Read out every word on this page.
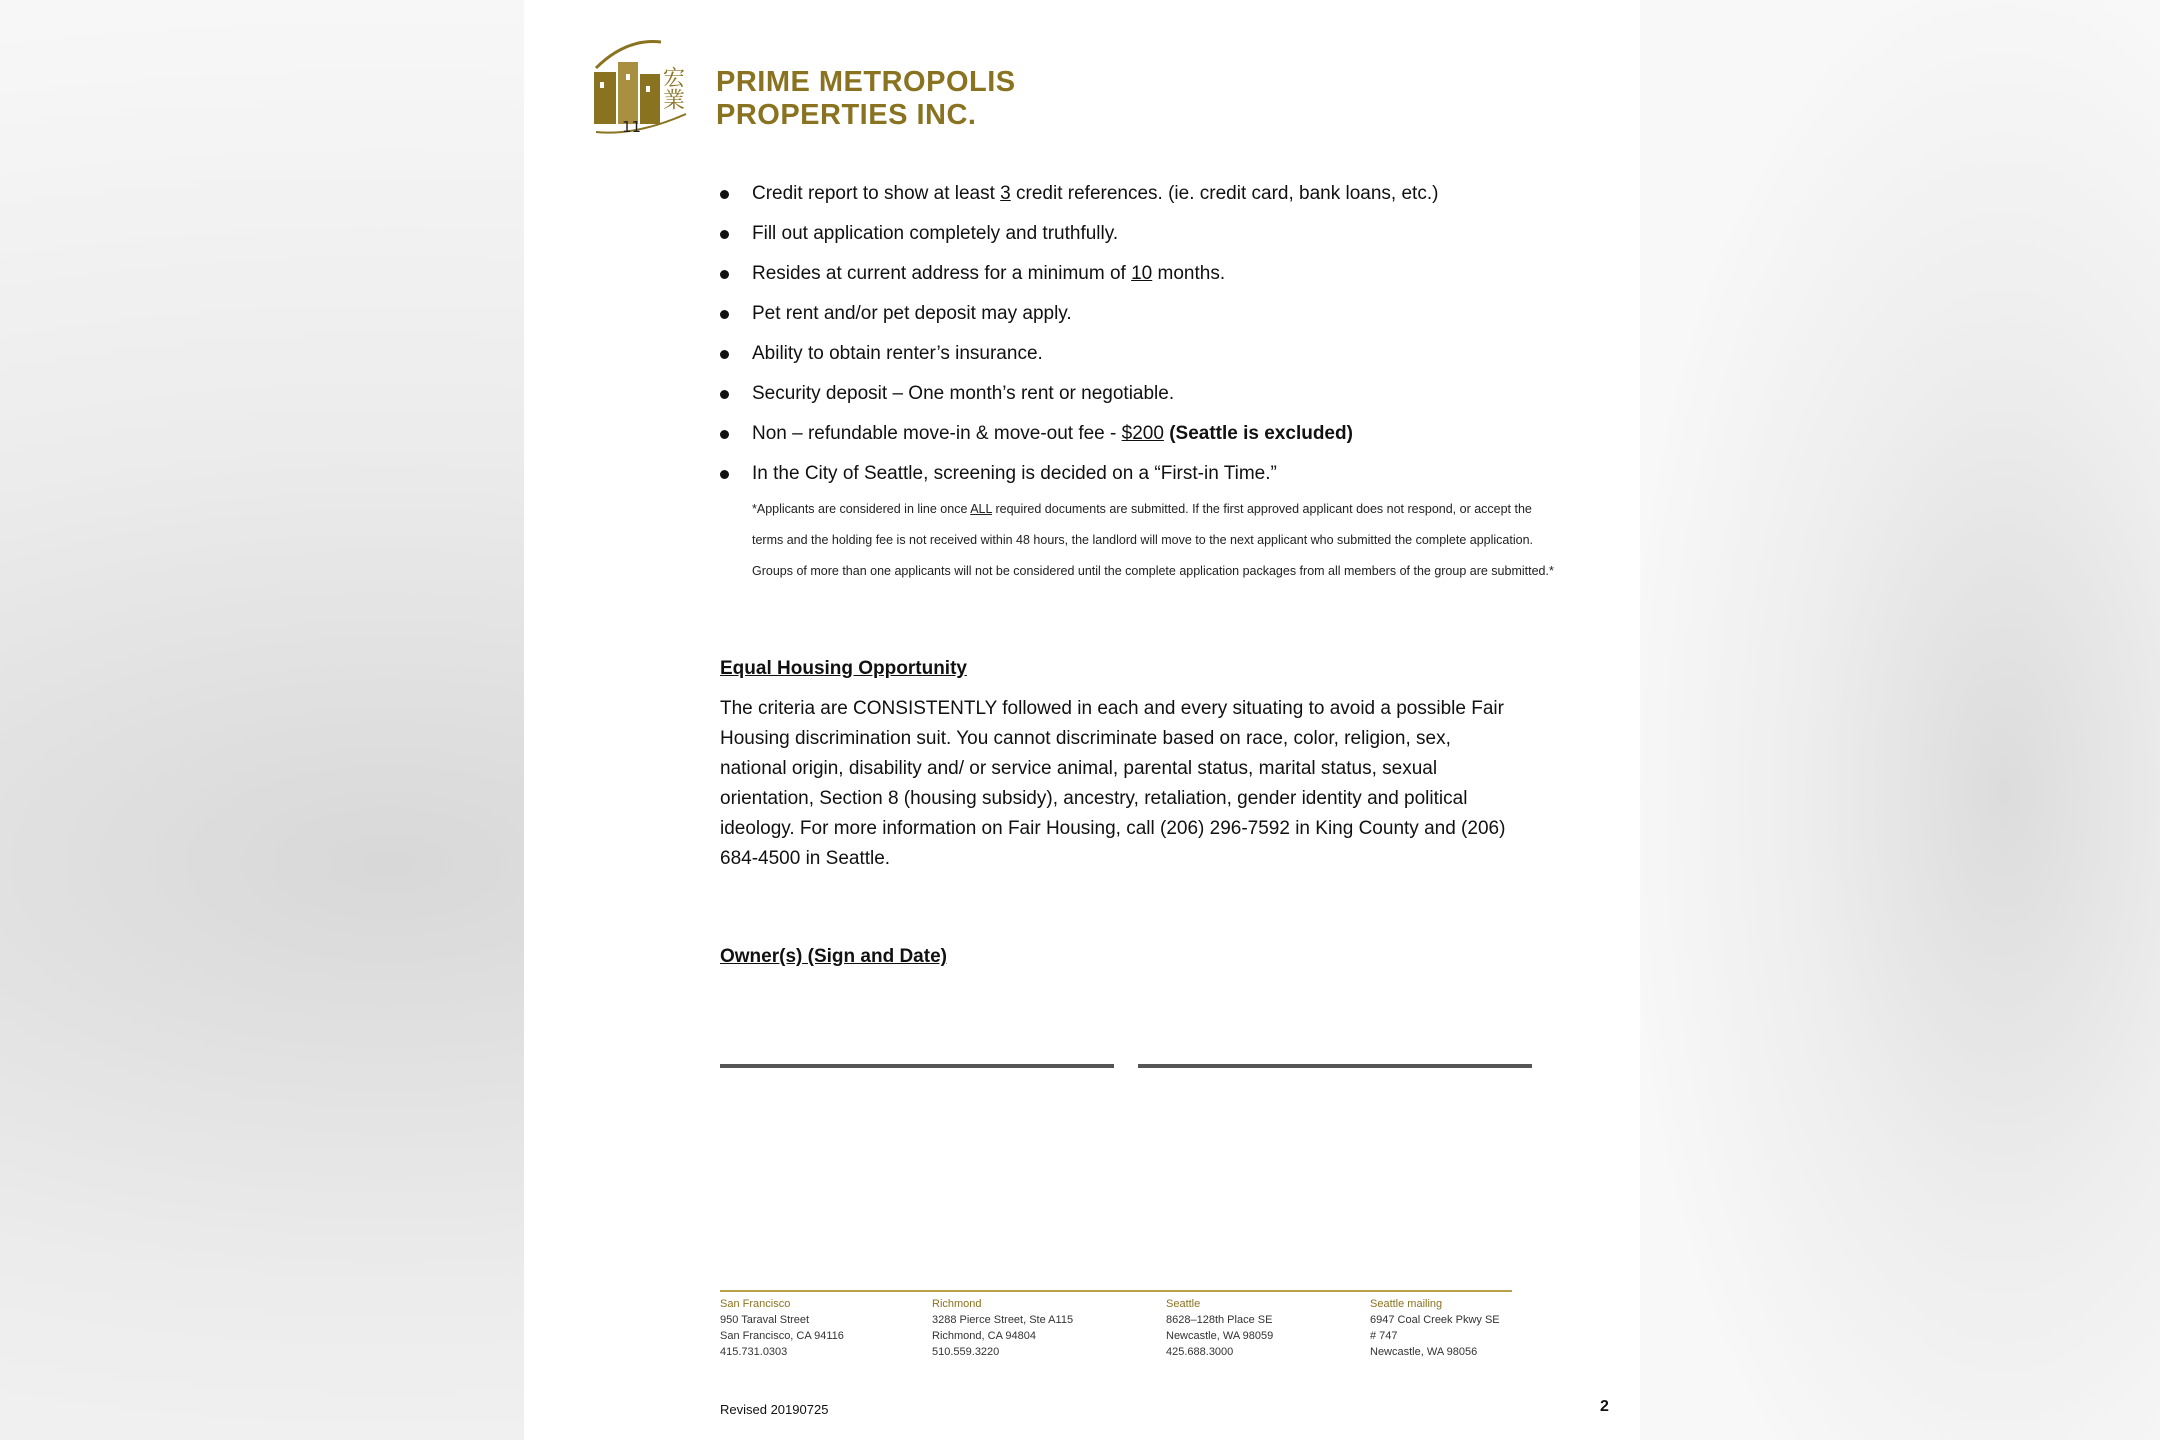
宏業
11
PRIME METROPOLIS
PROPERTIES INC.
Credit report to show at least 3 credit references. (ie. credit card, bank loans, etc.)
Fill out application completely and truthfully.
Resides at current address for a minimum of 10 months.
Pet rent and/or pet deposit may apply.
Ability to obtain renter’s insurance.
Security deposit – One month’s rent or negotiable.
Non – refundable move-in & move-out fee - $200 (Seattle is excluded)
In the City of Seattle, screening is decided on a “First-in Time.”
*Applicants are considered in line once ALL required documents are submitted. If the first approved applicant does not respond, or accept the terms and the holding fee is not received within 48 hours, the landlord will move to the next applicant who submitted the complete application. Groups of more than one applicants will not be considered until the complete application packages from all members of the group are submitted.*
Equal Housing Opportunity
The criteria are CONSISTENTLY followed in each and every situating to avoid a possible Fair Housing discrimination suit. You cannot discriminate based on race, color, religion, sex, national origin, disability and/ or service animal, parental status, marital status, sexual orientation, Section 8 (housing subsidy), ancestry, retaliation, gender identity and political ideology. For more information on Fair Housing, call (206) 296-7592 in King County and (206) 684-4500 in Seattle.
Owner(s) (Sign and Date)
San Francisco
950 Taraval Street
San Francisco, CA 94116
415.731.0303
Richmond
3288 Pierce Street, Ste A115
Richmond, CA 94804
510.559.3220
Seattle
8628–128th Place SE
Newcastle, WA 98059
425.688.3000
Seattle mailing
6947 Coal Creek Pkwy SE
# 747
Newcastle, WA 98056
Revised 20190725	2
